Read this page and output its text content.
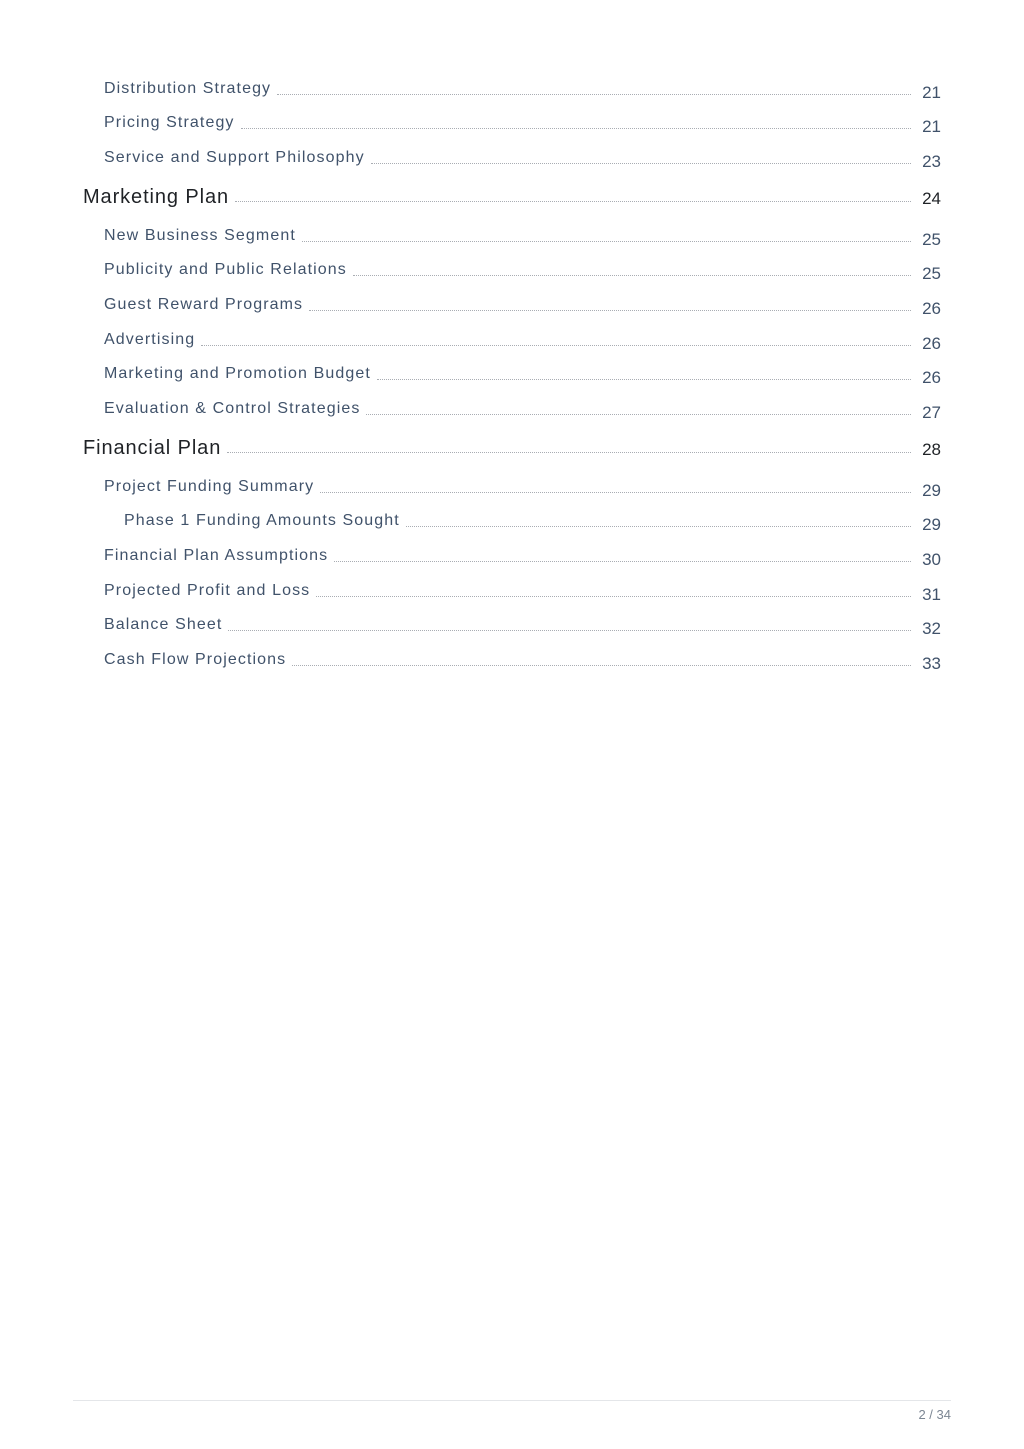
Distribution Strategy	21
Pricing Strategy	21
Service and Support Philosophy	23
Marketing Plan	24
New Business Segment	25
Publicity and Public Relations	25
Guest Reward Programs	26
Advertising	26
Marketing and Promotion Budget	26
Evaluation & Control Strategies	27
Financial Plan	28
Project Funding Summary	29
Phase 1 Funding Amounts Sought	29
Financial Plan Assumptions	30
Projected Profit and Loss	31
Balance Sheet	32
Cash Flow Projections	33
2 / 34
